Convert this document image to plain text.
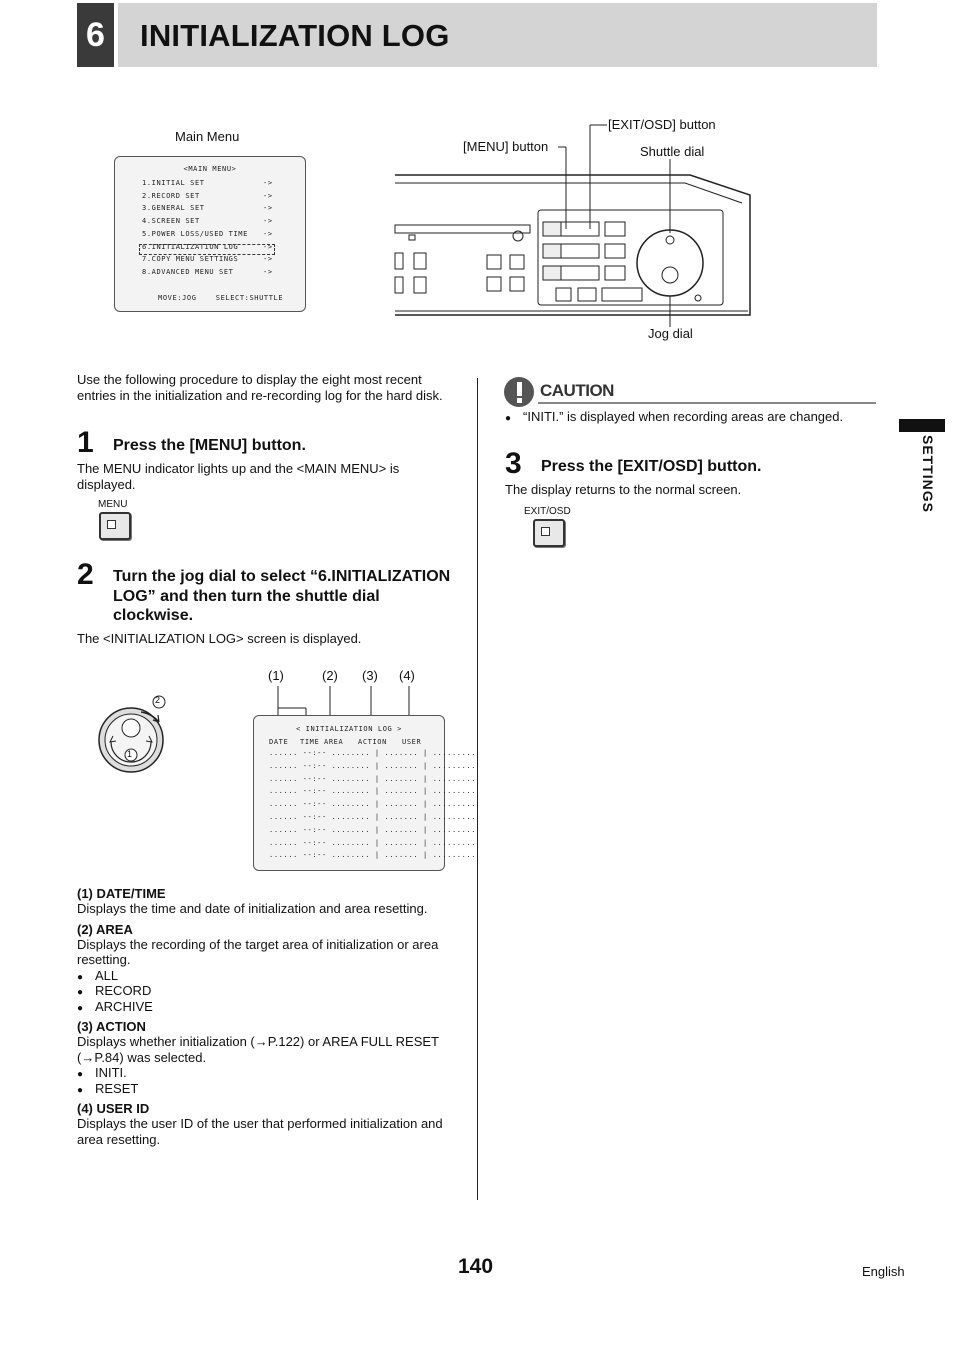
6 INITIALIZATION LOG
SETTINGS
Main Menu
<MAIN MENU>
1.INITIAL SET	->
2.RECORD SET	->
3.GENERAL SET	->
4.SCREEN SET	->
5.POWER LOSS/USED TIME ->
6.INITIALIZATION LOG	->
7.COPY MENU SETTINGS	->
8.ADVANCED MENU SET	->
MOVE:JOG    SELECT:SHUTTLE
[MENU] button
[EXIT/OSD] button
Shuttle dial
Jog dial
Use the following procedure to display the eight most recent entries in the initialization and re-recording log for the hard disk.
1 Press the [MENU] button.
The MENU indicator lights up and the <MAIN MENU> is displayed.
MENU
2 Turn the jog dial to select “6.INITIALIZATION LOG” and then turn the shuttle dial clockwise.
The <INITIALIZATION LOG> screen is displayed.
2
1
(1)	(2) (3) (4)
< INITIALIZATION LOG >
DATE TIME AREA ACTION USER
...... --:-- ........ | ....... | .........
...... --:-- ........ | ....... | .........
...... --:-- ........ | ....... | .........
...... --:-- ........ | ....... | .........
...... --:-- ........ | ....... | .........
...... --:-- ........ | ....... | .........
...... --:-- ........ | ....... | .........
...... --:-- ........ | ....... | .........
...... --:-- ........ | ....... | .........
(1) DATE/TIME
Displays the time and date of initialization and area resetting.
(2) AREA
Displays the recording of the target area of initialization or area resetting.
● ALL
● RECORD
● ARCHIVE
(3) ACTION
Displays whether initialization (→P.122) or AREA FULL RESET (→P.84) was selected.
● INITI.
● RESET
(4) USER ID
Displays the user ID of the user that performed initialization and area resetting.
CAUTION
● “INITI.” is displayed when recording areas are changed.
3 Press the [EXIT/OSD] button.
The display returns to the normal screen.
EXIT/OSD
140	English
